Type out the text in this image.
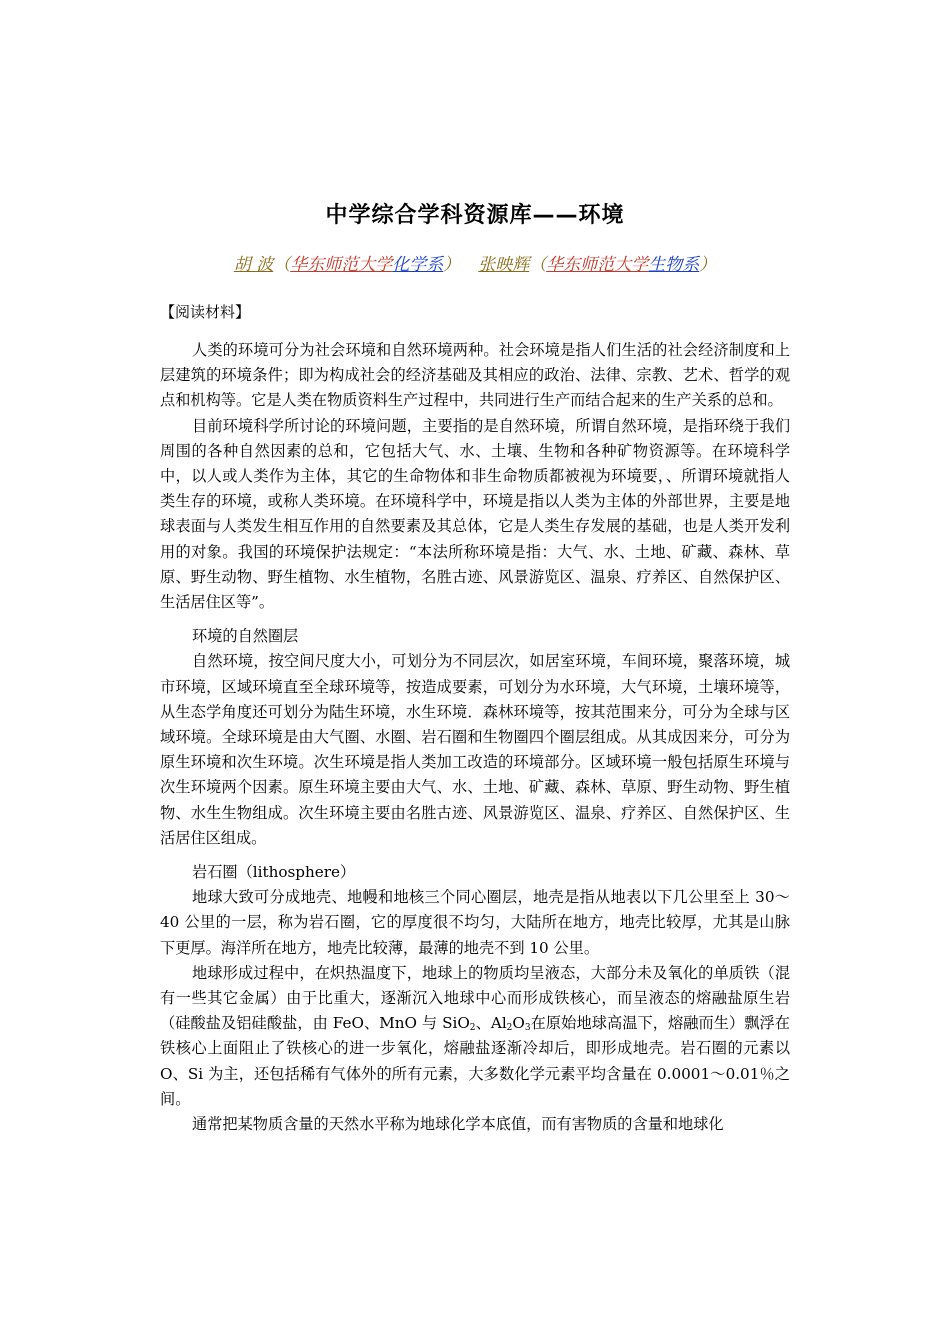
中学综合学科资源库——环境
胡 波（华东师范大学化学系） 张映辉（华东师范大学生物系）
【阅读材料】

人类的环境可分为社会环境和自然环境两种。社会环境是指人们生活的社会经济制度和上层建筑的环境条件；即为构成社会的经济基础及其相应的政治、法律、宗教、艺术、哲学的观点和机构等。它是人类在物质资料生产过程中，共同进行生产而结合起来的生产关系的总和。

目前环境科学所讨论的环境问题，主要指的是自然环境，所谓自然环境，是指环绕于我们周围的各种自然因素的总和，它包括大气、水、土壤、生物和各种矿物资源等。在环境科学中，以人或人类作为主体，其它的生命物体和非生命物质都被视为环境要，、所谓环境就指人类生存的环境，或称人类环境。在环境科学中，环境是指以人类为主体的外部世界，主要是地球表面与人类发生相互作用的自然要素及其总体，它是人类生存发展的基础，也是人类开发利用的对象。我国的环境保护法规定：“本法所称环境是指：大气、水、土地、矿藏、森林、草原、野生动物、野生植物、水生植物，名胜古迹、风景游览区、温泉、疗养区、自然保护区、生活居住区等”。

环境的自然圈层

自然环境，按空间尺度大小，可划分为不同层次，如居室环境，车间环境，聚落环境，城市环境，区域环境直至全球环境等，按造成要素，可划分为水环境，大气环境，土壤环境等，从生态学角度还可划分为陆生环境，水生环境．森林环境等，按其范围来分，可分为全球与区域环境。全球环境是由大气圈、水圈、岩石圈和生物圈四个圈层组成。从其成因来分，可分为原生环境和次生环境。次生环境是指人类加工改造的环境部分。区域环境一般包括原生环境与次生环境两个因素。原生环境主要由大气、水、土地、矿藏、森林、草原、野生动物、野生植物、水生生物组成。次生环境主要由名胜古迹、风景游览区、温泉、疗养区、自然保护区、生活居住区组成。

岩石圈（lithosphere）

地球大致可分成地壳、地幔和地核三个同心圈层，地壳是指从地表以下几公里至上 30～40 公里的一层，称为岩石圈，它的厚度很不均匀，大陆所在地方，地壳比较厚，尤其是山脉下更厚。海洋所在地方，地壳比较薄，最薄的地壳不到 10 公里。

地球形成过程中，在炽热温度下，地球上的物质均呈液态，大部分未及氧化的单质铁（混有一些其它金属）由于比重大，逐渐沉入地球中心而形成铁核心，而呈液态的熔融盐原生岩（硅酸盐及铝硅酸盐，由 FeO、MnO 与 SiO$_2$、$Al_2O_3$在原始地球高温下，熔融而生）飘浮在铁核心上面阻止了铁核心的进一步氧化，熔融盐逐渐冷却后，即形成地壳。岩石圈的元素以 O、Si 为主，还包括稀有气体外的所有元素，大多数化学元素平均含量在 0.0001～0.01％之间。

通常把某物质含量的天然水平称为地球化学本底值，而有害物质的含量和地球化
